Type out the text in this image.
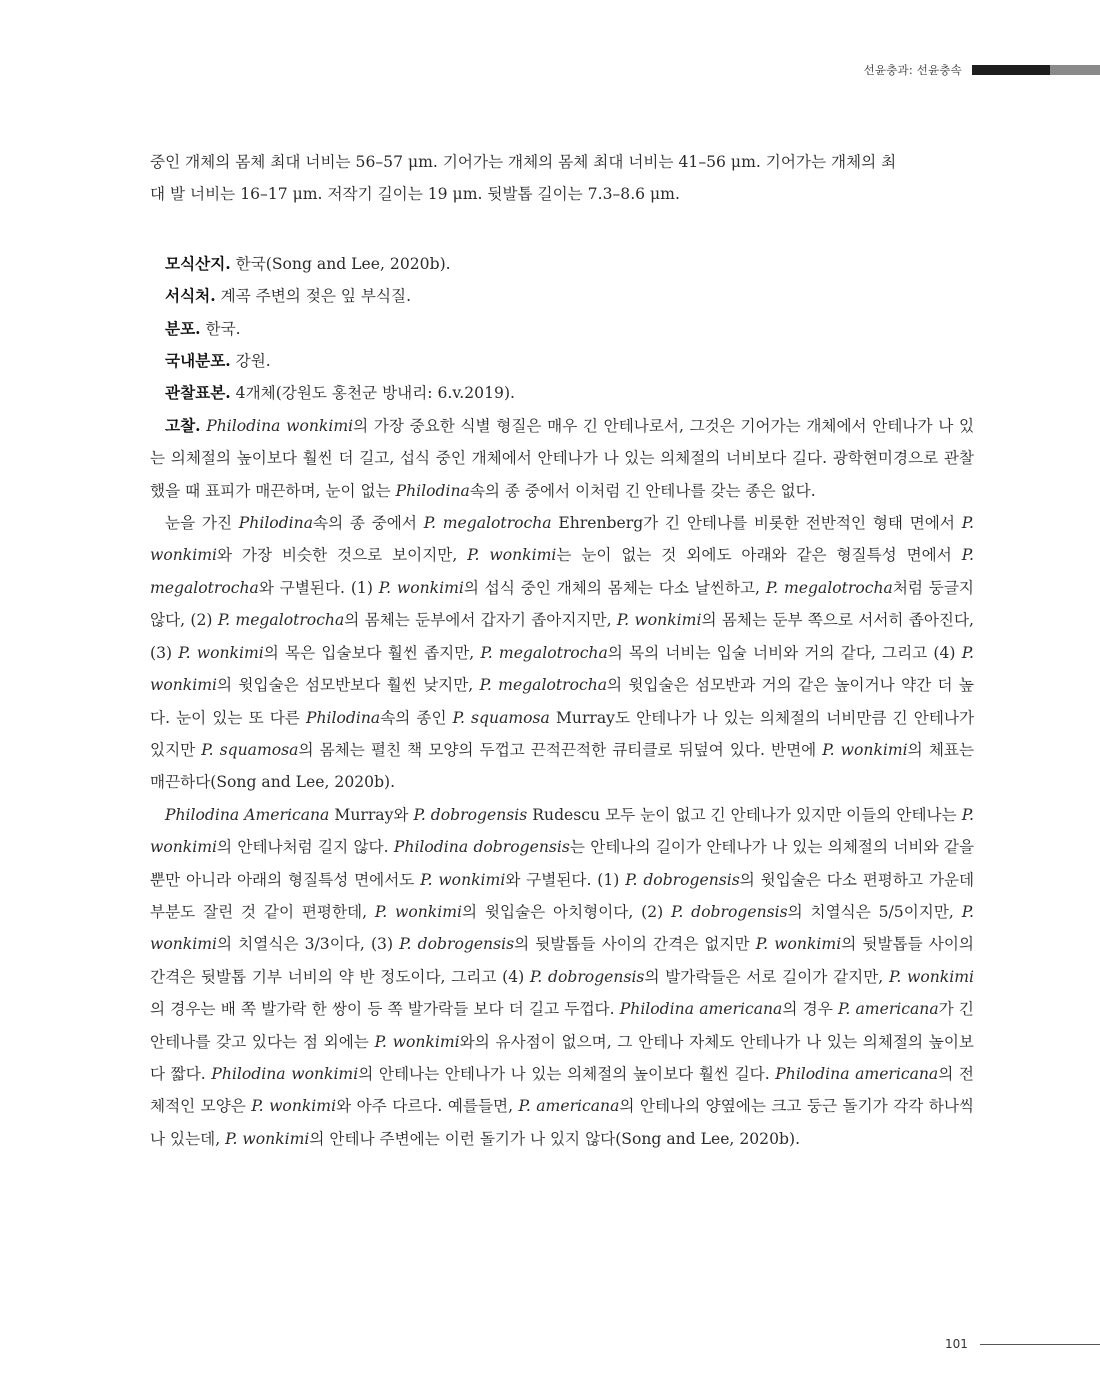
선윤충과: 선윤충속

중인 개체의 몸체 최대 너비는 56–57 μm. 기어가는 개체의 몸체 최대 너비는 41–56 μm. 기어가는 개체의 최
대 발 너비는 16–17 μm. 저작기 길이는 19 μm. 뒷발톱 길이는 7.3–8.6 μm.

모식산지. 한국(Song and Lee, 2020b).

서식처. 계곡 주변의 젖은 잎 부식질.

분포. 한국.

국내분포. 강원.

관찰표본. 4개체(강원도 홍천군 방내리: 6.v.2019).

고찰. Philodina wonkimi의 가장 중요한 식별 형질은 매우 긴 안테나로서, 그것은 기어가는 개체에서 안테나가 나 있는 의체절의 높이보다 훨씬 더 길고, 섭식 중인 개체에서 안테나가 나 있는 의체절의 너비보다 길다. 광학현미경으로 관찰했을 때 표피가 매끈하며, 눈이 없는 Philodina속의 종 중에서 이처럼 긴 안테나를 갖는 종은 없다.

눈을 가진 Philodina속의 종 중에서 P. megalotrocha Ehrenberg가 긴 안테나를 비롯한 전반적인 형태 면에서 P. wonkimi와 가장 비슷한 것으로 보이지만, P. wonkimi는 눈이 없는 것 외에도 아래와 같은 형질특성 면에서 P. megalotrocha와 구별된다. (1) P. wonkimi의 섭식 중인 개체의 몸체는 다소 날씬하고, P. megalotrocha처럼 둥글지 않다, (2) P. megalotrocha의 몸체는 둔부에서 갑자기 좁아지지만, P. wonkimi의 몸체는 둔부 쪽으로 서서히 좁아진다, (3) P. wonkimi의 목은 입술보다 훨씬 좁지만, P. megalotrocha의 목의 너비는 입술 너비와 거의 같다, 그리고 (4) P. wonkimi의 윗입술은 섬모반보다 훨씬 낮지만, P. megalotrocha의 윗입술은 섬모반과 거의 같은 높이거나 약간 더 높다. 눈이 있는 또 다른 Philodina속의 종인 P. squamosa Murray도 안테나가 나 있는 의체절의 너비만큼 긴 안테나가 있지만 P. squamosa의 몸체는 펼친 책 모양의 두껍고 끈적끈적한 큐티클로 뒤덮여 있다. 반면에 P. wonkimi의 체표는 매끈하다(Song and Lee, 2020b).

Philodina Americana Murray와 P. dobrogensis Rudescu 모두 눈이 없고 긴 안테나가 있지만 이들의 안테나는 P. wonkimi의 안테나처럼 길지 않다. Philodina dobrogensis는 안테나의 길이가 안테나가 나 있는 의체절의 너비와 같을 뿐만 아니라 아래의 형질특성 면에서도 P. wonkimi와 구별된다. (1) P. dobrogensis의 윗입술은 다소 편평하고 가운데 부분도 잘린 것 같이 편평한데, P. wonkimi의 윗입술은 아치형이다, (2) P. dobrogensis의 치열식은 5/5이지만, P. wonkimi의 치열식은 3/3이다, (3) P. dobrogensis의 뒷발톱들 사이의 간격은 없지만 P. wonkimi의 뒷발톱들 사이의 간격은 뒷발톱 기부 너비의 약 반 정도이다, 그리고 (4) P. dobrogensis의 발가락들은 서로 길이가 같지만, P. wonkimi의 경우는 배 쪽 발가락 한 쌍이 등 쪽 발가락들 보다 더 길고 두껍다. Philodina americana의 경우 P. americana가 긴 안테나를 갖고 있다는 점 외에는 P. wonkimi와의 유사점이 없으며, 그 안테나 자체도 안테나가 나 있는 의체절의 높이보다 짧다. Philodina wonkimi의 안테나는 안테나가 나 있는 의체절의 높이보다 훨씬 길다. Philodina americana의 전체적인 모양은 P. wonkimi와 아주 다르다. 예를들면, P. americana의 안테나의 양옆에는 크고 둥근 돌기가 각각 하나씩 나 있는데, P. wonkimi의 안테나 주변에는 이런 돌기가 나 있지 않다(Song and Lee, 2020b).

101
